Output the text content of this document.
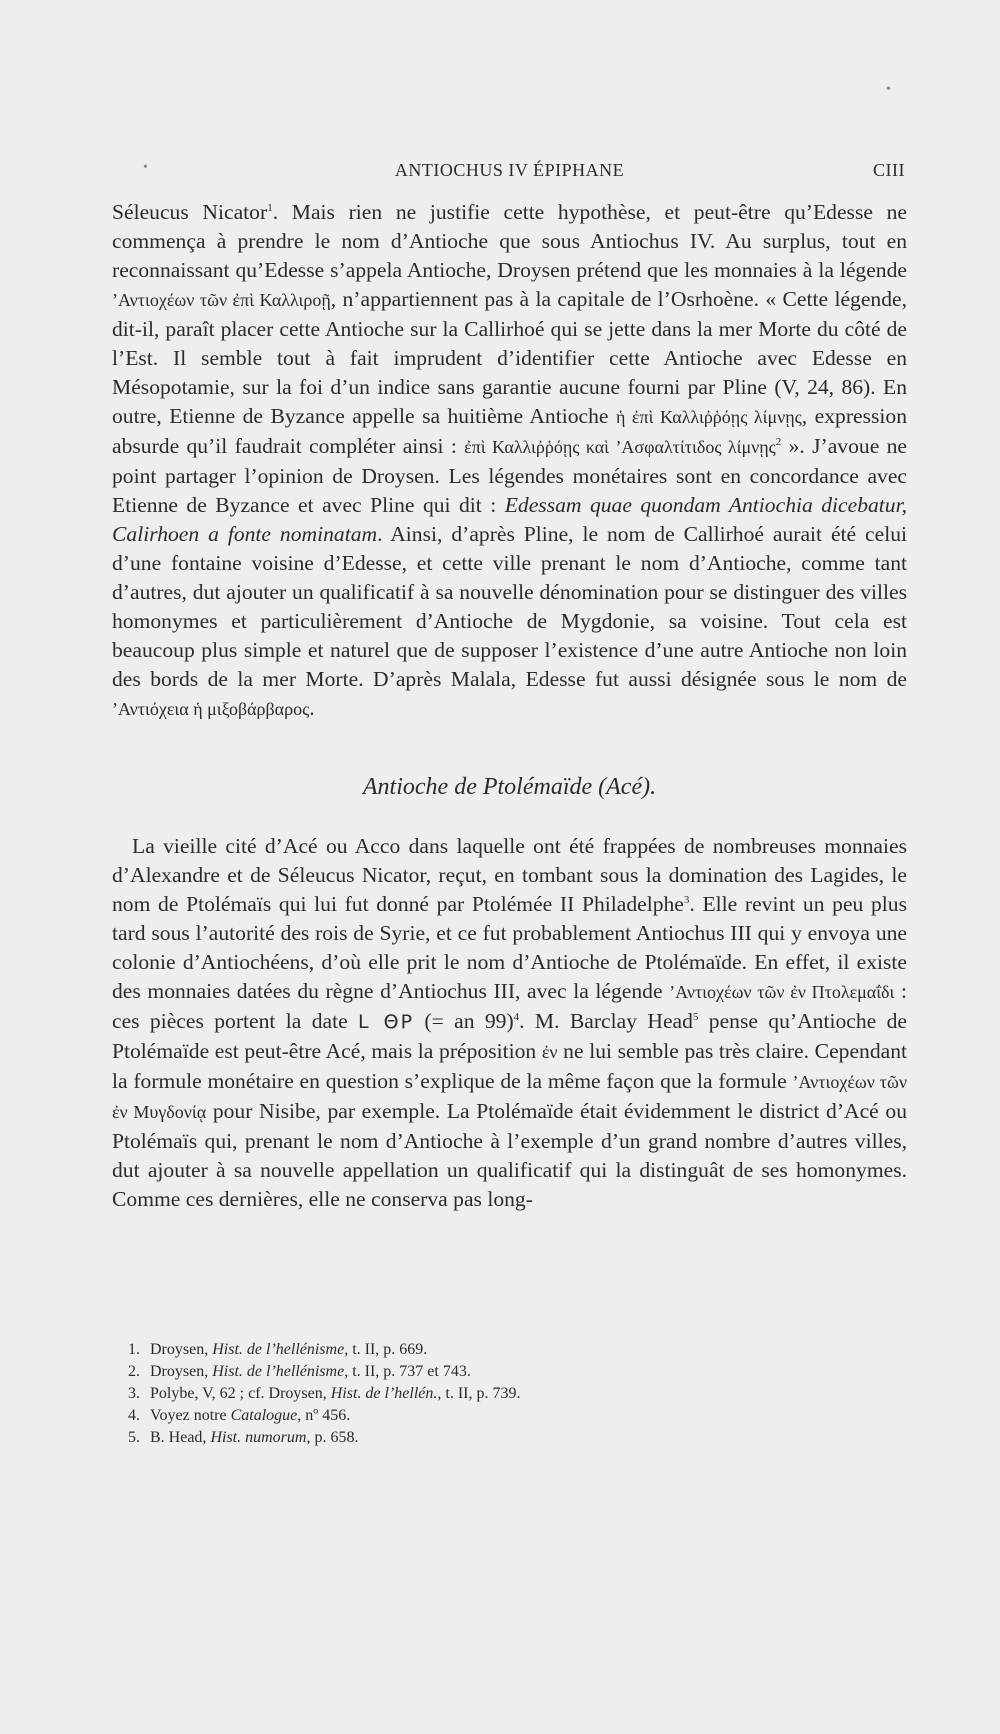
•
•	ANTIOCHUS IV ÉPIPHANE	CIII

Séleucus Nicator$^1$. Mais rien ne justifie cette hypothèse, et peut-être qu’Edesse ne commença à prendre le nom d’Antioche que sous Antiochus IV. Au surplus, tout en reconnaissant qu’Edesse s’appela Antioche, Droysen prétend que les monnaies à la légende ’Αντιοχέων τῶν ἐπὶ Καλλιροῇ, n’appartiennent pas à la capitale de l’Osrhoène. « Cette légende, dit-il, paraît placer cette Antioche sur la Callirhoé qui se jette dans la mer Morte du côté de l’Est. Il semble tout à fait imprudent d’identifier cette Antioche avec Edesse en Mésopotamie, sur la foi d’un indice sans garantie aucune fourni par Pline (V, 24, 86). En outre, Etienne de Byzance appelle sa huitième Antioche ἡ ἐπὶ Καλλιῤῥόῃς λίμνῃς, expression absurde qu’il faudrait compléter ainsi : ἐπὶ Καλλιῤῥόῃς καὶ ’Ασφαλτίτιδος λίμνῃς$^2$ ». J’avoue ne point partager l’opinion de Droysen. Les légendes monétaires sont en concordance avec Etienne de Byzance et avec Pline qui dit : Edessam quae quondam Antiochia dicebatur, Calirhoen a fonte nominatam. Ainsi, d’après Pline, le nom de Callirhoé aurait été celui d’une fontaine voisine d’Edesse, et cette ville prenant le nom d’Antioche, comme tant d’autres, dut ajouter un qualificatif à sa nouvelle dénomination pour se distinguer des villes homonymes et particulièrement d’Antioche de Mygdonie, sa voisine. Tout cela est beaucoup plus simple et naturel que de supposer l’existence d’une autre Antioche non loin des bords de la mer Morte. D’après Malala, Edesse fut aussi désignée sous le nom de ’Αντιόχεια ἡ μιξοβάρβαρος.

Antioche de Ptolémaïde (Acé).

La vieille cité d’Acé ou Acco dans laquelle ont été frappées de nombreuses monnaies d’Alexandre et de Séleucus Nicator, reçut, en tombant sous la domination des Lagides, le nom de Ptolémaïs qui lui fut donné par Ptolémée II Philadelphe$^3$. Elle revint un peu plus tard sous l’autorité des rois de Syrie, et ce fut probablement Antiochus III qui y envoya une colonie d’Antiochéens, d’où elle prit le nom d’Antioche de Ptolémaïde. En effet, il existe des monnaies datées du règne d’Antiochus III, avec la légende ’Αντιοχέων τῶν ἐν Πτολεμαΐδι : ces pièces portent la date L ΘΡ (= an 99)$^4$. M. Barclay Head$^5$ pense qu’Antioche de Ptolémaïde est peut-être Acé, mais la préposition ἐν ne lui semble pas très claire. Cependant la formule monétaire en question s’explique de la même façon que la formule ’Αντιοχέων τῶν ἐν Μυγδονίᾳ pour Nisibe, par exemple. La Ptolémaïde était évidemment le district d’Acé ou Ptolémaïs qui, prenant le nom d’Antioche à l’exemple d’un grand nombre d’autres villes, dut ajouter à sa nouvelle appellation un qualificatif qui la distinguât de ses homonymes. Comme ces dernières, elle ne conserva pas long-

1. Droysen, Hist. de l’hellénisme, t. II, p. 669.
2. Droysen, Hist. de l’hellénisme, t. II, p. 737 et 743.
3. Polybe, V, 62 ; cf. Droysen, Hist. de l’hellén., t. II, p. 739.
4. Voyez notre Catalogue, nº 456.
5. B. Head, Hist. numorum, p. 658.
